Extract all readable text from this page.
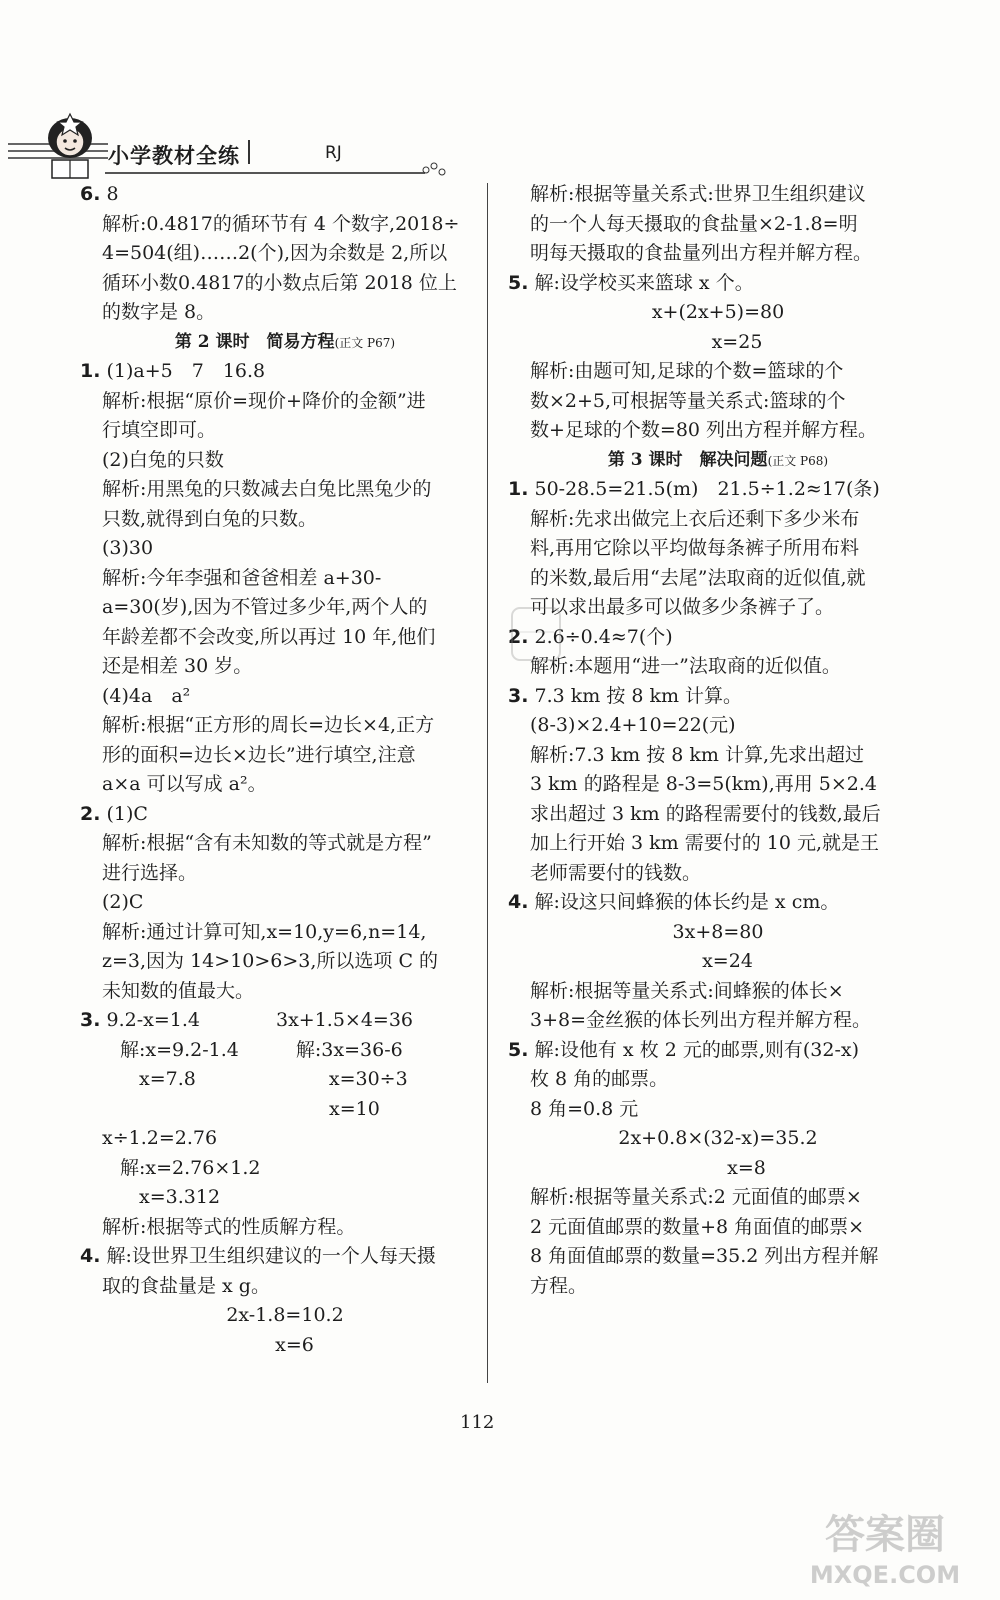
小学教材全练	RJ
6. 8
解析:0.4817的循环节有 4 个数字,2018÷
4=504(组)……2(个),因为余数是 2,所以
循环小数0.4817的小数点后第 2018 位上
的数字是 8。
第 2 课时　简易方程(正文 P67)
1. (1)a+5　7　16.8
解析:根据“原价=现价+降价的金额”进
行填空即可。
(2)白兔的只数
解析:用黑兔的只数减去白兔比黑兔少的
只数,就得到白兔的只数。
(3)30
解析:今年李强和爸爸相差 a+30-
a=30(岁),因为不管过多少年,两个人的
年龄差都不会改变,所以再过 10 年,他们
还是相差 30 岁。
(4)4a　a²
解析:根据“正方形的周长=边长×4,正方
形的面积=边长×边长”进行填空,注意
a×a 可以写成 a²。
2. (1)C
解析:根据“含有未知数的等式就是方程”
进行选择。
(2)C
解析:通过计算可知,x=10,y=6,n=14,
z=3,因为 14>10>6>3,所以选项 C 的
未知数的值最大。
3. 9.2-x=1.4　　　　3x+1.5×4=36
解:x=9.2-1.4　　　解:3x=36-6
　x=7.8　　　　　　　x=30÷3
　　　　　　　　　　　x=10
x÷1.2=2.76
解:x=2.76×1.2
　x=3.312
解析:根据等式的性质解方程。
4. 解:设世界卫生组织建议的一个人每天摄
取的食盐量是 x g。
2x-1.8=10.2
　x=6
解析:根据等量关系式:世界卫生组织建议
的一个人每天摄取的食盐量×2-1.8=明
明每天摄取的食盐量列出方程并解方程。
5. 解:设学校买来篮球 x 个。
x+(2x+5)=80
　　x=25
解析:由题可知,足球的个数=篮球的个
数×2+5,可根据等量关系式:篮球的个
数+足球的个数=80 列出方程并解方程。
第 3 课时　解决问题(正文 P68)
1. 50-28.5=21.5(m)　21.5÷1.2≈17(条)
解析:先求出做完上衣后还剩下多少米布
料,再用它除以平均做每条裤子所用布料
的米数,最后用“去尾”法取商的近似值,就
可以求出最多可以做多少条裤子了。
2. 2.6÷0.4≈7(个)
解析:本题用“进一”法取商的近似值。
3. 7.3 km 按 8 km 计算。
(8-3)×2.4+10=22(元)
解析:7.3 km 按 8 km 计算,先求出超过
3 km 的路程是 8-3=5(km),再用 5×2.4
求出超过 3 km 的路程需要付的钱数,最后
加上行开始 3 km 需要付的 10 元,就是王
老师需要付的钱数。
4. 解:设这只间蜂猴的体长约是 x cm。
3x+8=80
　x=24
解析:根据等量关系式:间蜂猴的体长×
3+8=金丝猴的体长列出方程并解方程。
5. 解:设他有 x 枚 2 元的邮票,则有(32-x)
枚 8 角的邮票。
8 角=0.8 元
2x+0.8×(32-x)=35.2
　　　x=8
解析:根据等量关系式:2 元面值的邮票×
2 元面值邮票的数量+8 角面值的邮票×
8 角面值邮票的数量=35.2 列出方程并解
方程。
112
答案圈
MXQE.COM
